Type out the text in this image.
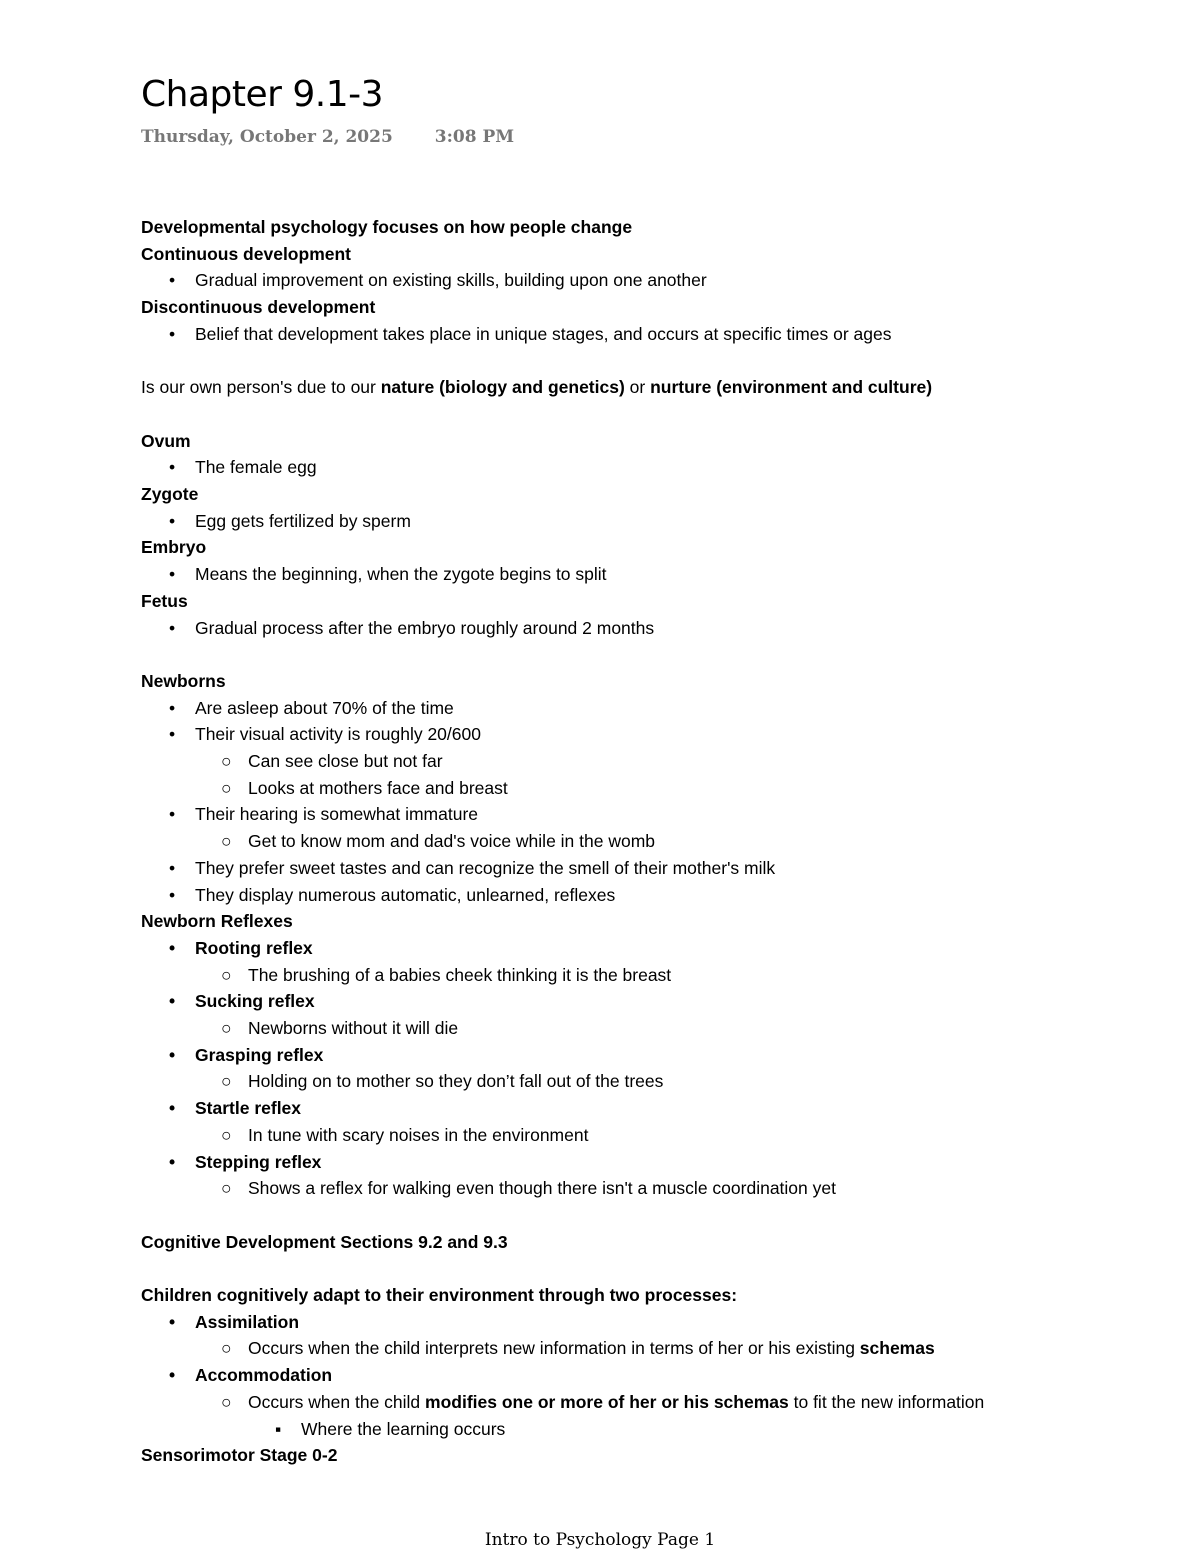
Chapter 9.1-3
Thursday, October 2, 2025 3:08 PM
Developmental psychology focuses on how people change
Continuous development
• Gradual improvement on existing skills, building upon one another
Discontinuous development
• Belief that development takes place in unique stages, and occurs at specific times or ages
Is our own person's due to our nature (biology and genetics) or nurture (environment and culture)
Ovum
• The female egg
Zygote
• Egg gets fertilized by sperm
Embryo
• Means the beginning, when the zygote begins to split
Fetus
• Gradual process after the embryo roughly around 2 months
Newborns
• Are asleep about 70% of the time
• Their visual activity is roughly 20/600
○ Can see close but not far
○ Looks at mothers face and breast
• Their hearing is somewhat immature
○ Get to know mom and dad's voice while in the womb
• They prefer sweet tastes and can recognize the smell of their mother's milk
• They display numerous automatic, unlearned, reflexes
Newborn Reflexes
• Rooting reflex
○ The brushing of a babies cheek thinking it is the breast
• Sucking reflex
○ Newborns without it will die
• Grasping reflex
○ Holding on to mother so they don’t fall out of the trees
• Startle reflex
○ In tune with scary noises in the environment
• Stepping reflex
○ Shows a reflex for walking even though there isn't a muscle coordination yet
Cognitive Development Sections 9.2 and 9.3
Children cognitively adapt to their environment through two processes:
• Assimilation
○ Occurs when the child interprets new information in terms of her or his existing schemas
• Accommodation
○ Occurs when the child modifies one or more of her or his schemas to fit the new information
▪ Where the learning occurs
Sensorimotor Stage 0-2
Intro to Psychology Page 1
